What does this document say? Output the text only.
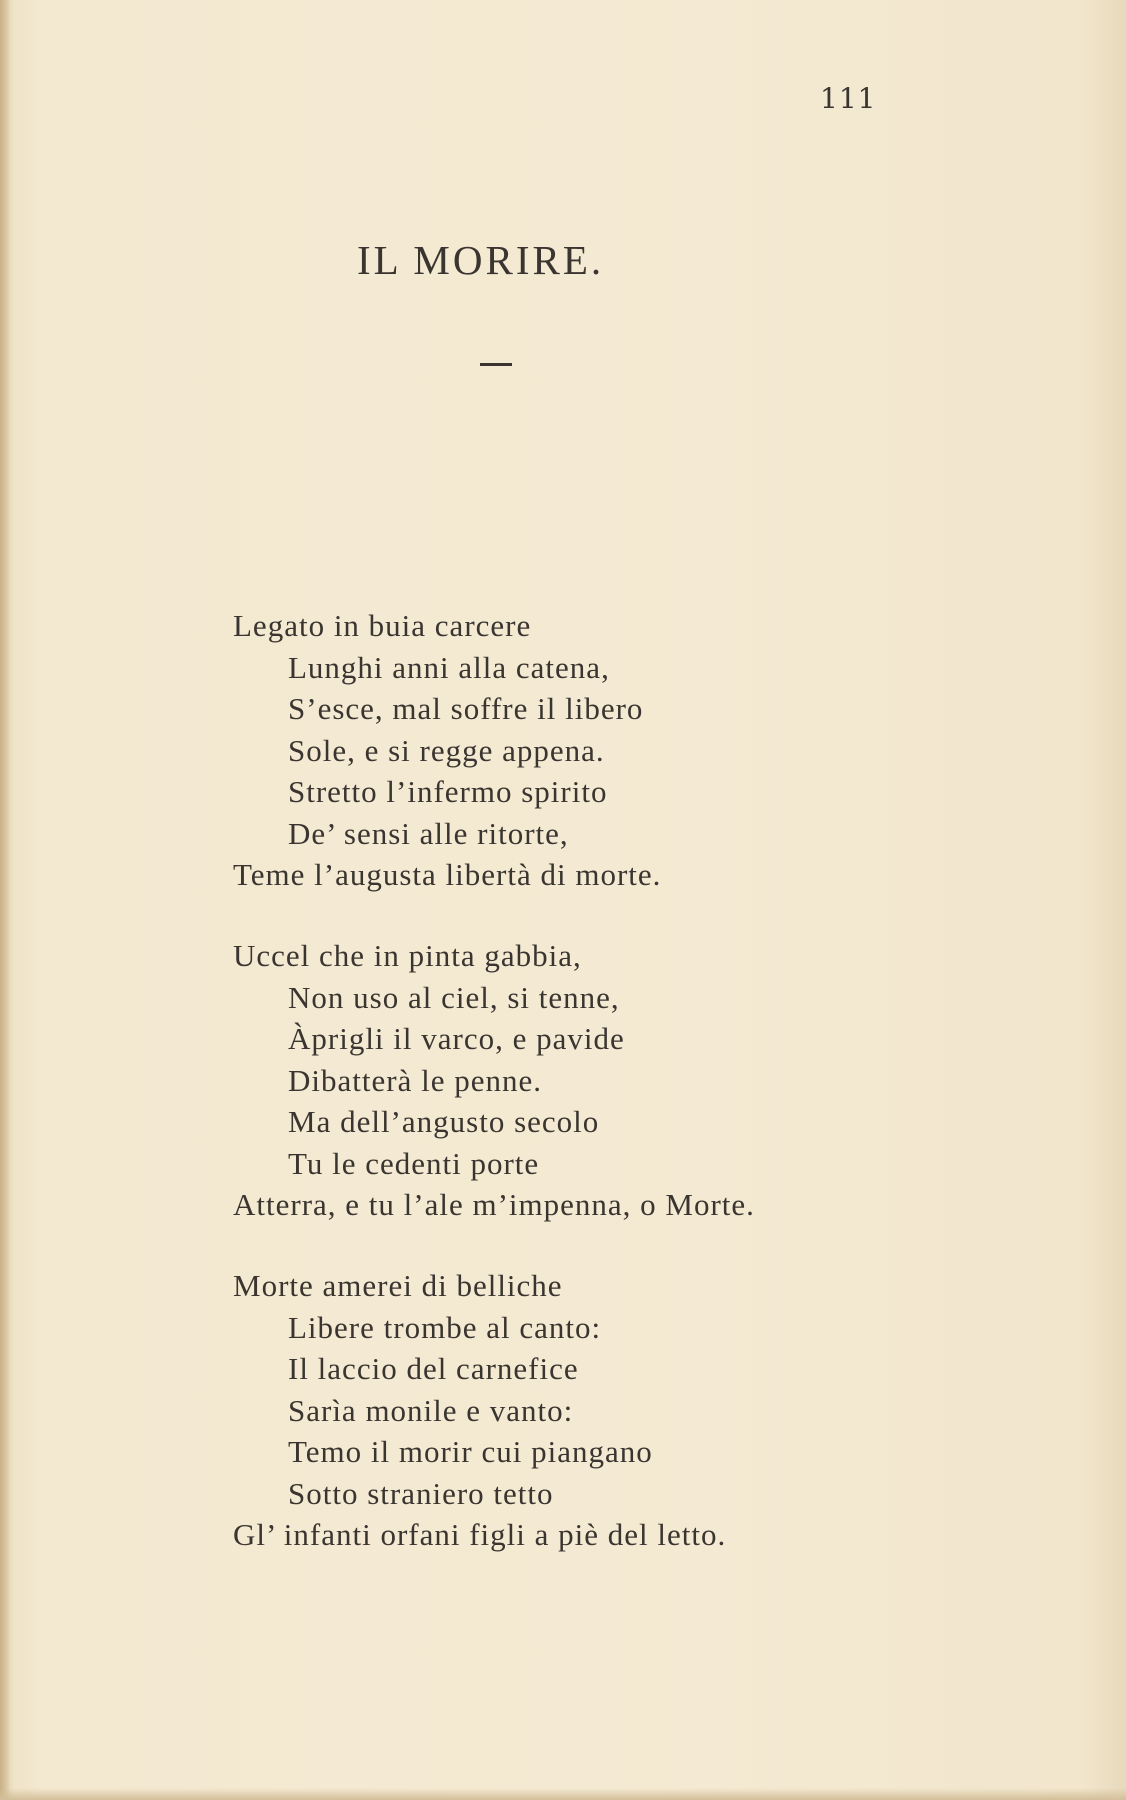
111
IL MORIRE.
Legato in buia carcere
Lunghi anni alla catena,
S’esce, mal soffre il libero
Sole, e si regge appena.
Stretto l’infermo spirito
De’ sensi alle ritorte,
Teme l’augusta libertà di morte.
Uccel che in pinta gabbia,
Non uso al ciel, si tenne,
Àprigli il varco, e pavide
Dibatterà le penne.
Ma dell’angusto secolo
Tu le cedenti porte
Atterra, e tu l’ale m’impenna, o Morte.
Morte amerei di belliche
Libere trombe al canto:
Il laccio del carnefice
Sarìa monile e vanto:
Temo il morir cui piangano
Sotto straniero tetto
Gl’ infanti orfani figli a piè del letto.
